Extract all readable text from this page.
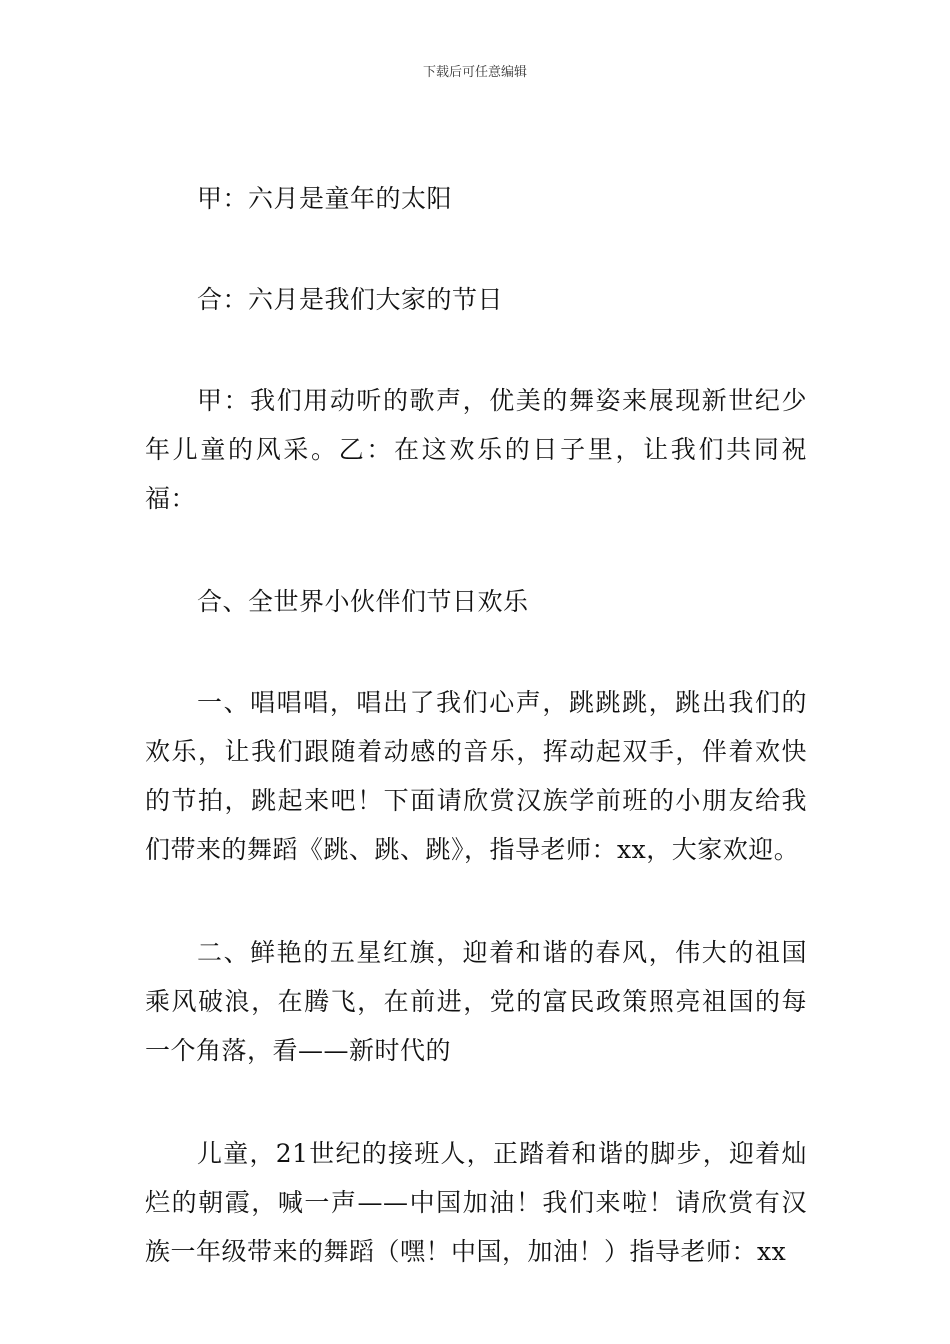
下载后可任意编辑

甲：六月是童年的太阳

合：六月是我们大家的节日

甲：我们用动听的歌声，优美的舞姿来展现新世纪少年儿童的风采。乙：在这欢乐的日子里，让我们共同祝福：

合、全世界小伙伴们节日欢乐

一、唱唱唱，唱出了我们心声，跳跳跳，跳出我们的欢乐，让我们跟随着动感的音乐，挥动起双手，伴着欢快的节拍，跳起来吧！下面请欣赏汉族学前班的小朋友给我们带来的舞蹈《跳、跳、跳》，指导老师：xx，大家欢迎。

二、鲜艳的五星红旗，迎着和谐的春风，伟大的祖国乘风破浪，在腾飞，在前进，党的富民政策照亮祖国的每一个角落，看——新时代的

儿童，21世纪的接班人，正踏着和谐的脚步，迎着灿烂的朝霞，喊一声——中国加油！我们来啦！请欣赏有汉族一年级带来的舞蹈（嘿！中国，加油！）指导老师：xx
